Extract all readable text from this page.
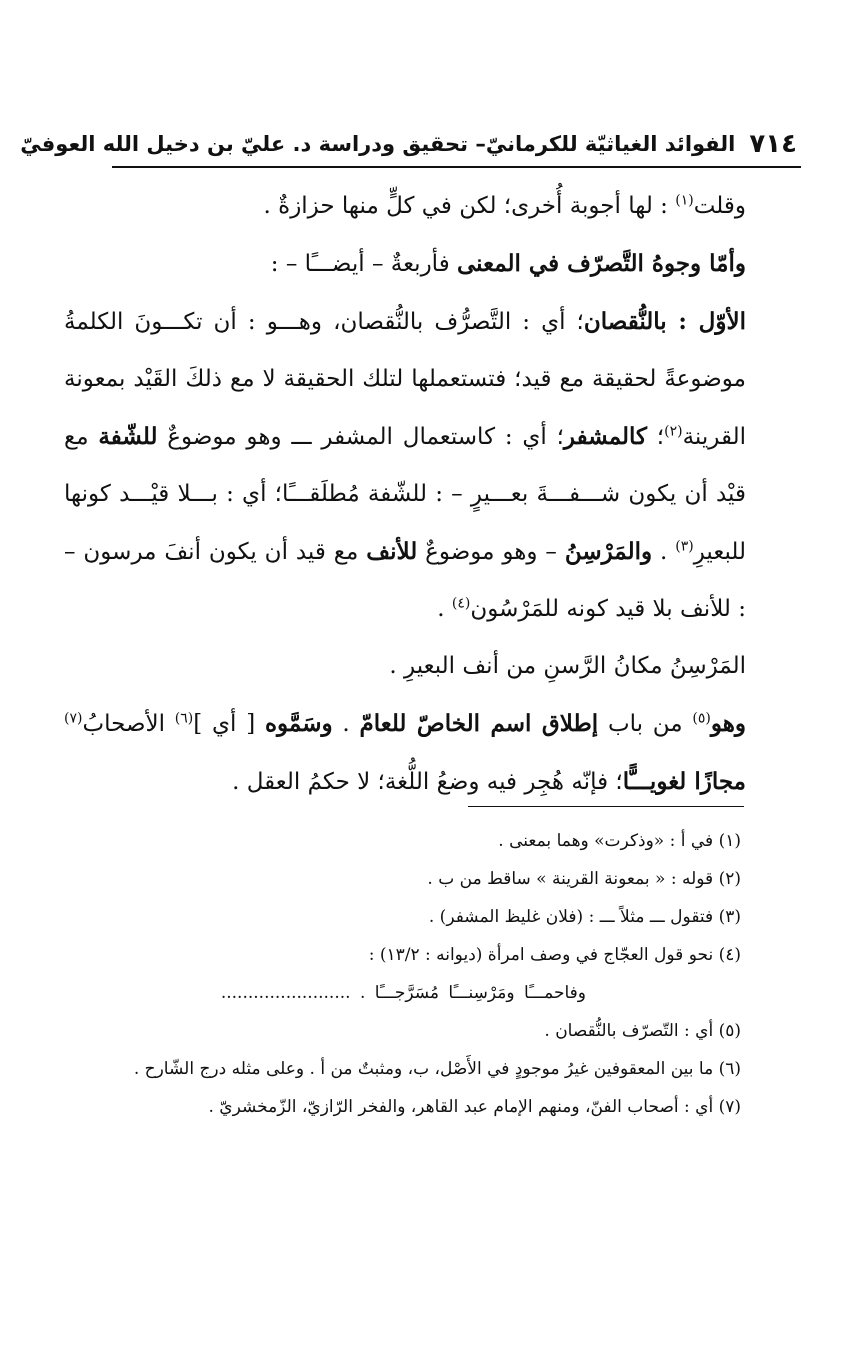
٧١٤
الفوائد الغياثيّة للكرمانيّ– تحقيق ودراسة د. عليّ بن دخيل الله العوفيّ

وقلت$^{(١)}$ : لها أجوبة أُخرى؛ لكن في كلٍّ منها حزازةٌ .

وأمّا وجوهُ التَّصرّف في المعنى فأربعةٌ – أيضـــًا – :

الأوّل : بالنُّقصان؛ أي : التَّصرُّف بالنُّقصان، وهـــو : أن تكـــونَ الكلمةُ موضوعةً لحقيقة مع قيد؛ فتستعملها لتلك الحقيقة لا مع ذلكَ القَيْد بمعونة القرينة$^{(٢)}$؛ كالمشفر؛ أي : كاستعمال المشفر ـــ وهو موضوعٌ للشّفة مع قيْد أن يكون شـــفـــةَ بعـــيرٍ – : للشّفة مُطلَقـــًا؛ أي : بـــلا قيْـــد كونها للبعيرِ$^{(٣)}$ . والمَرْسِنُ – وهو موضوعٌ للأنف مع قيد أن يكون أنفَ مرسون – : للأنف بلا قيد كونه للمَرْسُون$^{(٤)}$ .

المَرْسِنُ مكانُ الرَّسنِ من أنف البعيرِ .

وهو$^{(٥)}$ من باب إطلاق اسم الخاصّ للعامّ . وسَمَّوه [ أي ]$^{(٦)}$ الأصحابُ$^{(٧)}$ مجازًا لغويـــًّا؛ فإنّه هُجِر فيه وضعُ اللُّغة؛ لا حكمُ العقل .

(١) في أ : «وذكرت» وهما بمعنى .

(٢) قوله : « بمعونة القرينة » ساقط من ب .

(٣) فتقول ـــ مثلاً ـــ : (فلان غليظ المشفر) .

(٤) نحو قول العجّاج في وصف امرأة (ديوانه : ١٣/٢) :

وفاحمـــًا ومَرْسِنـــًا مُسَرَّجـــًا . ........................

(٥) أي : التّصرّف بالنُّقصان .

(٦) ما بين المعقوفين غيرُ موجودٍ في الأَصْل، ب، ومثبتٌ من أ . وعلى مثله درج الشّارح .

(٧) أي : أصحاب الفنّ، ومنهم الإمام عبد القاهر، والفخر الرّازيّ، الزّمخشريّ .
